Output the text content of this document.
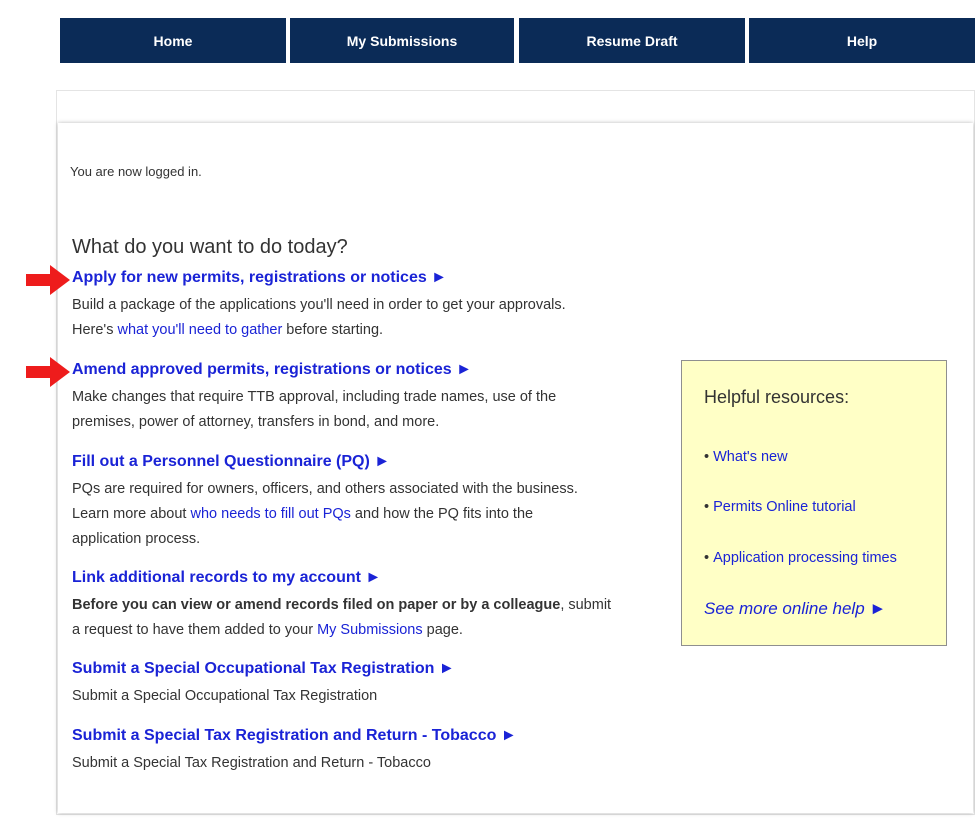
Home	My Submissions	Resume Draft	Help
You are now logged in.
What do you want to do today?
Apply for new permits, registrations or notices ►
Build a package of the applications you'll need in order to get your approvals.
Here's what you'll need to gather before starting.
Amend approved permits, registrations or notices ►
Make changes that require TTB approval, including trade names, use of the
premises, power of attorney, transfers in bond, and more.
Fill out a Personnel Questionnaire (PQ) ►
PQs are required for owners, officers, and others associated with the business.
Learn more about who needs to fill out PQs and how the PQ fits into the
application process.
Link additional records to my account ►
Before you can view or amend records filed on paper or by a colleague, submit
a request to have them added to your My Submissions page.
Submit a Special Occupational Tax Registration ►
Submit a Special Occupational Tax Registration
Submit a Special Tax Registration and Return - Tobacco ►
Submit a Special Tax Registration and Return - Tobacco
Helpful resources:
• What's new
• Permits Online tutorial
• Application processing times
See more online help ►
